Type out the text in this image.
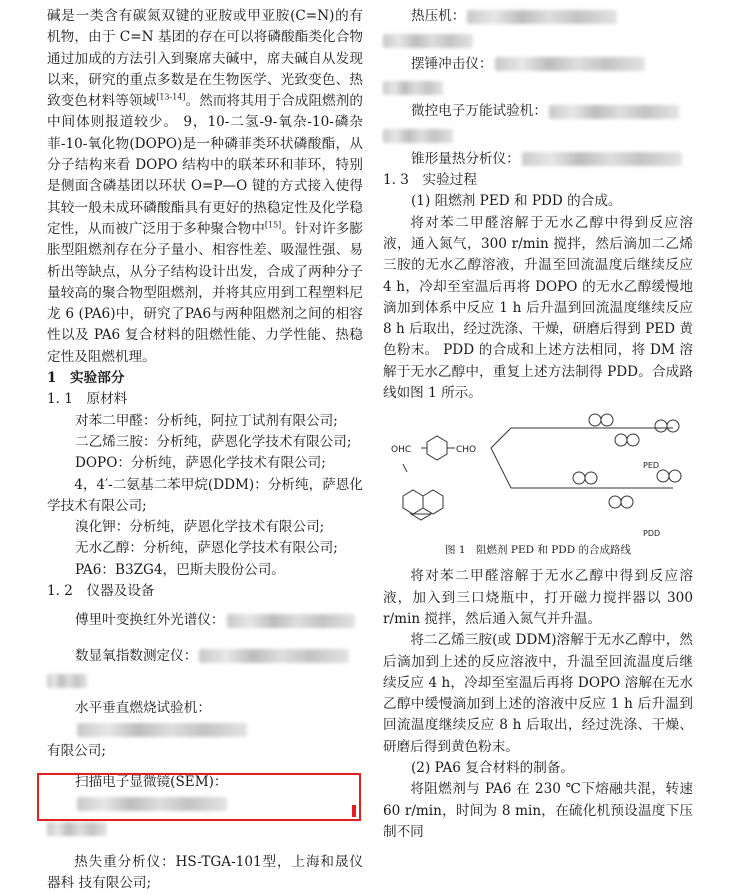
碱是一类含有碳氮双键的亚胺或甲亚胺(C=N)的有机物，由于 C=N 基团的存在可以将磷酸酯类化合物通过加成的方法引入到聚席夫碱中，席夫碱自从发现以来，研究的重点多数是在生物医学、光致变色、热致变色材料等领域[13-14]。然而将其用于合成阻燃剂的中间体则报道较少。 9，10-二氢-9-氧杂-10-磷杂菲-10-氧化物(DOPO)是一种磷菲类环状磷酸酯，从分子结构来看 DOPO 结构中的联苯环和菲环，特别是侧面含磷基团以环状 O=P—O 键的方式接入使得其较一般未成环磷酸酯具有更好的热稳定性及化学稳定性，从而被广泛用于多种聚合物中[15]。针对许多膨胀型阻燃剂存在分子量小、相容性差、吸湿性强、易析出等缺点，从分子结构设计出发，合成了两种分子量较高的聚合物型阻燃剂，并将其应用到工程塑料尼龙 6 (PA6)中，研究了PA6与两种阻燃剂之间的相容性以及 PA6 复合材料的阻燃性能、力学性能、热稳定性及阻燃机理。

1　实验部分

1. 1　原材料

对苯二甲醛：分析纯，阿拉丁试剂有限公司;

二乙烯三胺：分析纯，萨恩化学技术有限公司;

DOPO：分析纯，萨恩化学技术有限公司;

4，4′-二氨基二苯甲烷(DDM)：分析纯，萨恩化学技术有限公司;

溴化钾：分析纯，萨恩化学技术有限公司;

无水乙醇：分析纯，萨恩化学技术有限公司;

PA6：B3ZG4，巴斯夫股份公司。

1. 2　仪器及设备

傅里叶变换红外光谱仪：

数显氧指数测定仪：

水平垂直燃烧试验机：

有限公司;

扫描电子显微镜(SEM)：

热失重分析仪：HS-TGA-101型，上海和晟仪器科 技有限公司;

热压机：

摆锤冲击仪：

微控电子万能试验机：

锥形量热分析仪：

1. 3　实验过程

(1) 阻燃剂 PED 和 PDD 的合成。

将对苯二甲醛溶解于无水乙醇中得到反应溶液，通入氮气，300 r/min 搅拌，然后滴加二乙烯三胺的无水乙醇溶液，升温至回流温度后继续反应 4 h，冷却至室温后再将 DOPO 的无水乙醇缓慢地滴加到体系中反应 1 h 后升温到回流温度继续反应 8 h 后取出，经过洗涤、干燥，研磨后得到 PED 黄色粉末。 PDD 的合成和上述方法相同，将 DM 溶解于无水乙醇中，重复上述方法制得 PDD。合成路线如图 1 所示。

OHC	CHO
PED
PDD

图 1　阻燃剂 PED 和 PDD 的合成路线

将对苯二甲醛溶解于无水乙醇中得到反应溶液，加入到三口烧瓶中，打开磁力搅拌器以 300 r/min 搅拌，然后通入氮气并升温。

将二乙烯三胺(或 DDM)溶解于无水乙醇中，然后滴加到上述的反应溶液中，升温至回流温度后继续反应 4 h，冷却至室温后再将 DOPO 溶解在无水乙醇中缓慢滴加到上述的溶液中反应 1 h 后升温到回流温度继续反应 8 h 后取出，经过洗涤、干燥、研磨后得到黄色粉末。

(2) PA6 复合材料的制备。

将阻燃剂与 PA6 在 230 ℃下熔融共混，转速 60 r/min，时间为 8 min，在硫化机预设温度下压制不同
